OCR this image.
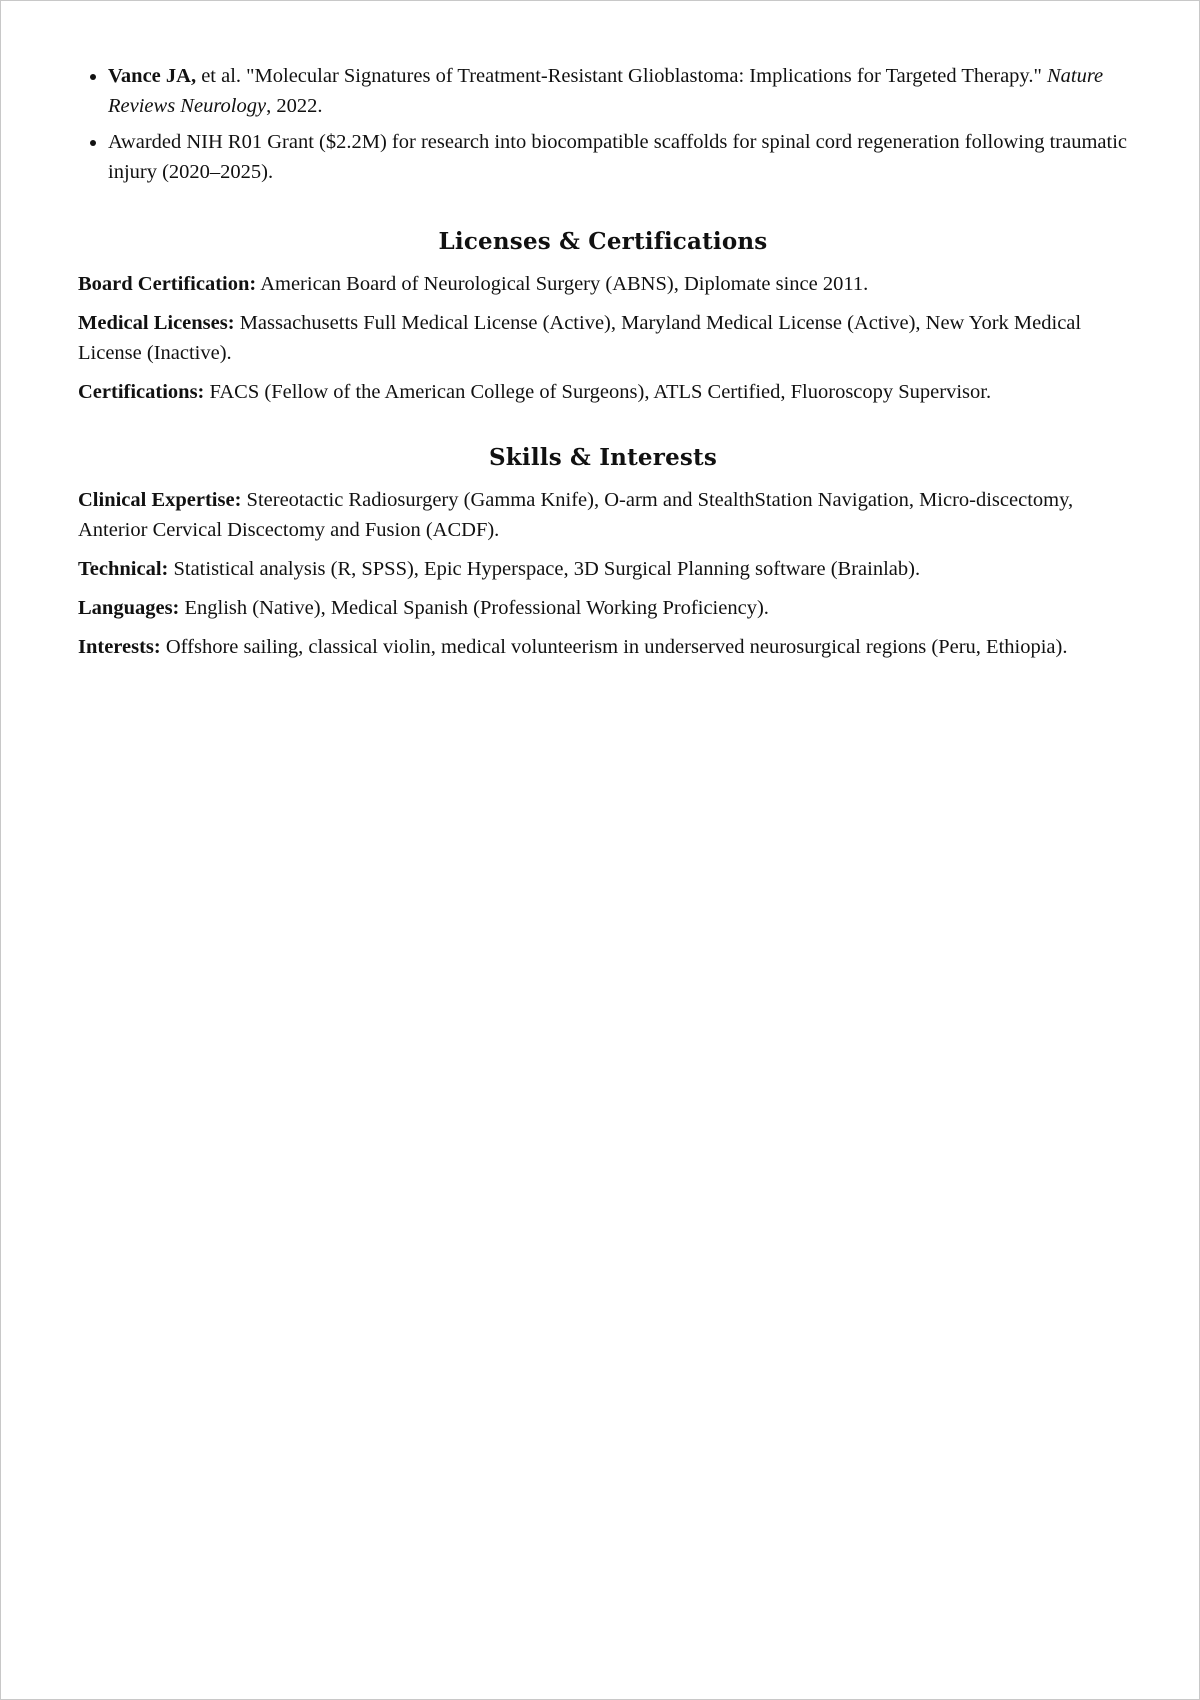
• Vance JA, et al. "Molecular Signatures of Treatment-Resistant Glioblastoma: Implications for Targeted Therapy." Nature Reviews Neurology, 2022.
• Awarded NIH R01 Grant ($2.2M) for research into biocompatible scaffolds for spinal cord regeneration following traumatic injury (2020–2025).
Licenses & Certifications

Board Certification: American Board of Neurological Surgery (ABNS), Diplomate since 2011.

Medical Licenses: Massachusetts Full Medical License (Active), Maryland Medical License (Active), New York Medical License (Inactive).

Certifications: FACS (Fellow of the American College of Surgeons), ATLS Certified, Fluoroscopy Supervisor.

Skills & Interests

Clinical Expertise: Stereotactic Radiosurgery (Gamma Knife), O-arm and StealthStation Navigation, Micro-discectomy, Anterior Cervical Discectomy and Fusion (ACDF).

Technical: Statistical analysis (R, SPSS), Epic Hyperspace, 3D Surgical Planning software (Brainlab).

Languages: English (Native), Medical Spanish (Professional Working Proficiency).

Interests: Offshore sailing, classical violin, medical volunteerism in underserved neurosurgical regions (Peru, Ethiopia).
